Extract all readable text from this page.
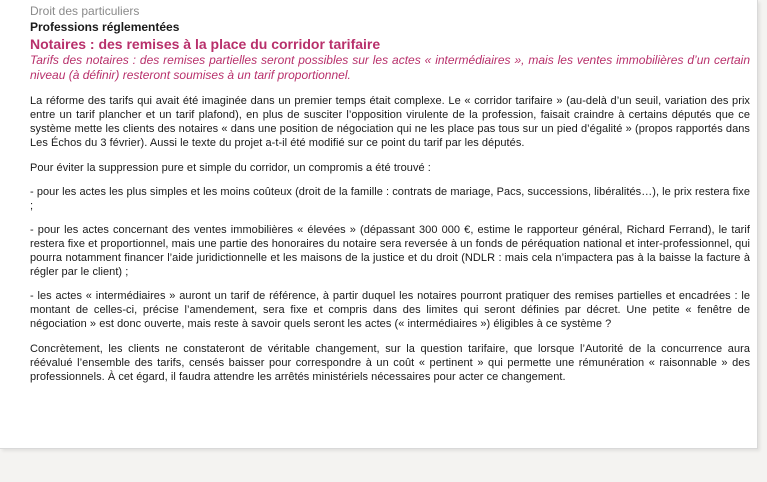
Droit des particuliers

Professions réglementées

Notaires : des remises à la place du corridor tarifaire

Tarifs des notaires : des remises partielles seront possibles sur les actes « intermédiaires », mais les ventes immobilières d’un certain niveau (à définir) resteront soumises à un tarif proportionnel.

La réforme des tarifs qui avait été imaginée dans un premier temps était complexe. Le « corridor tarifaire » (au-delà d’un seuil, variation des prix entre un tarif plancher et un tarif plafond), en plus de susciter l’opposition virulente de la profession, faisait craindre à certains députés que ce système mette les clients des notaires « dans une position de négociation qui ne les place pas tous sur un pied d’égalité » (propos rapportés dans Les Échos du 3 février). Aussi le texte du projet a-t-il été modifié sur ce point du tarif par les députés.

Pour éviter la suppression pure et simple du corridor, un compromis a été trouvé :

- pour les actes les plus simples et les moins coûteux (droit de la famille : contrats de mariage, Pacs, successions, libéralités…), le prix restera fixe ;

- pour les actes concernant des ventes immobilières « élevées » (dépassant 300 000 €, estime le rapporteur général, Richard Ferrand), le tarif restera fixe et proportionnel, mais une partie des honoraires du notaire sera reversée à un fonds de péréquation national et inter-professionnel, qui pourra notamment financer l’aide juridictionnelle et les maisons de la justice et du droit (NDLR : mais cela n’impactera pas à la baisse la facture à régler par le client) ;

- les actes « intermédiaires » auront un tarif de référence, à partir duquel les notaires pourront pratiquer des remises partielles et encadrées : le montant de celles-ci, précise l’amendement, sera fixe et compris dans des limites qui seront définies par décret. Une petite « fenêtre de négociation » est donc ouverte, mais reste à savoir quels seront les actes (« intermédiaires ») éligibles à ce système ?

Concrètement, les clients ne constateront de véritable changement, sur la question tarifaire, que lorsque l’Autorité de la concurrence aura réévalué l’ensemble des tarifs, censés baisser pour correspondre à un coût « pertinent » qui permette une rémunération « raisonnable » des professionnels. À cet égard, il faudra attendre les arrêtés ministériels nécessaires pour acter ce changement.
